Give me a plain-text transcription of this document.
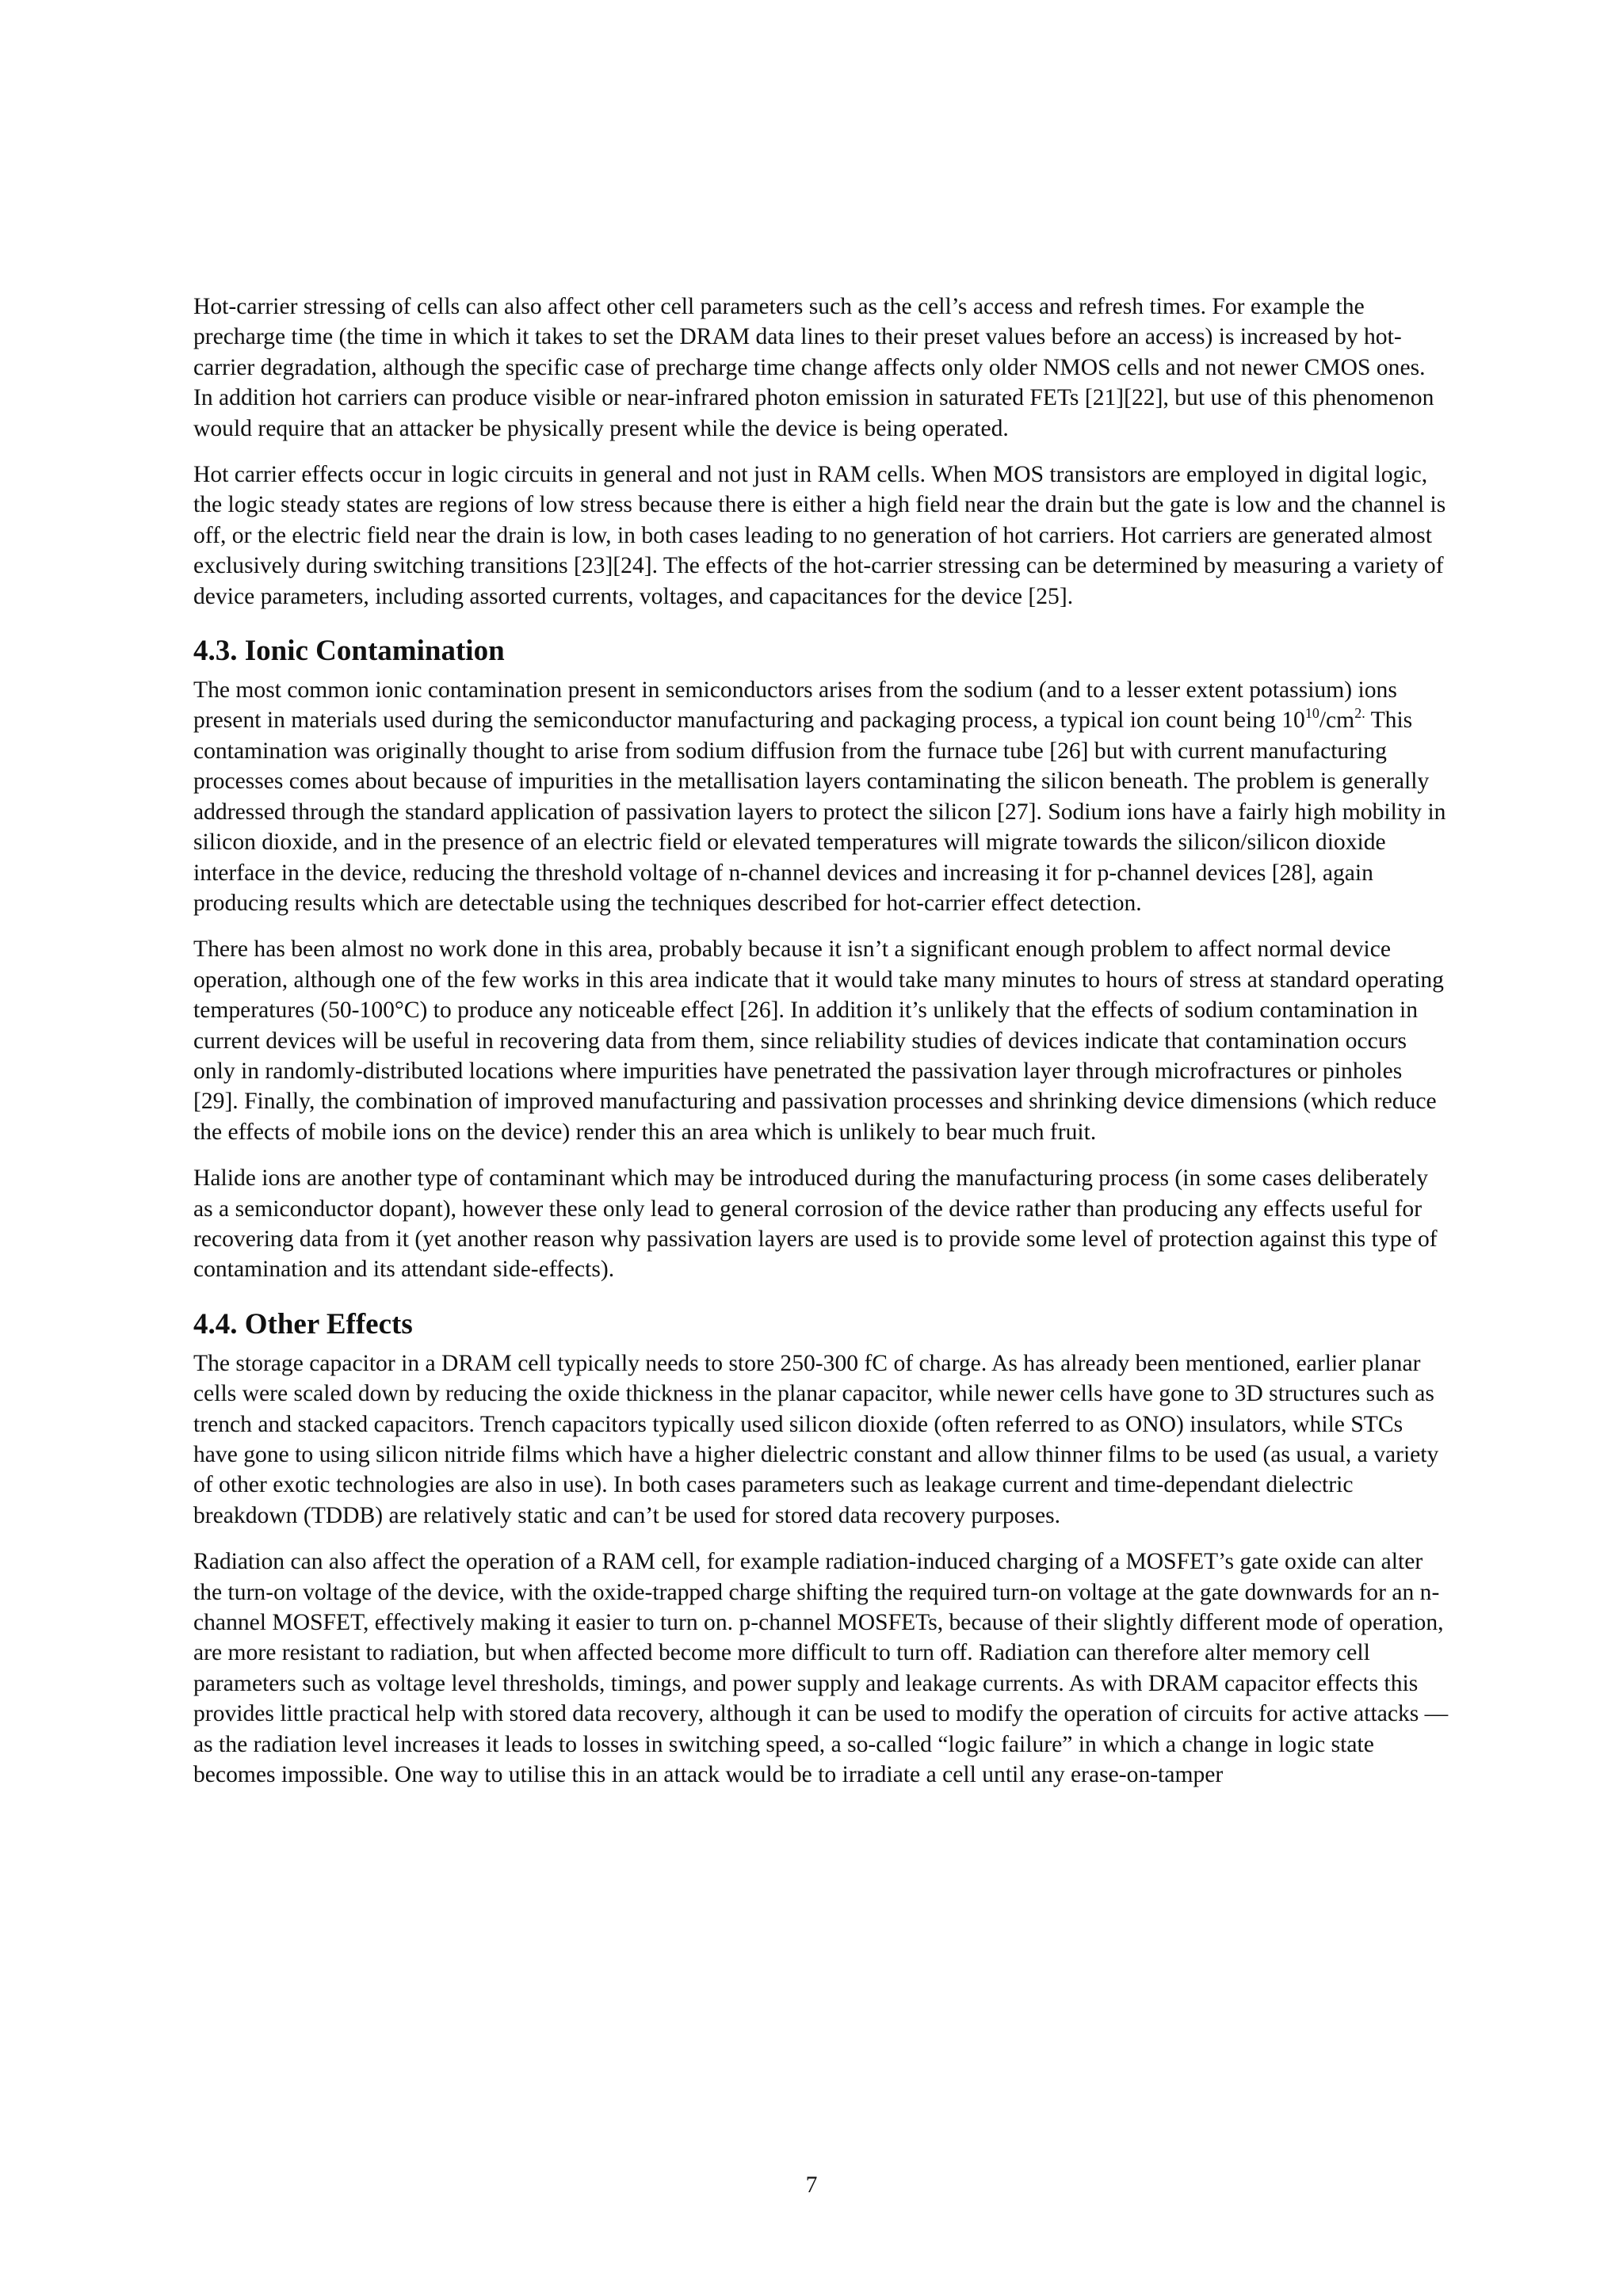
Hot-carrier stressing of cells can also affect other cell parameters such as the cell’s access and refresh times. For example the precharge time (the time in which it takes to set the DRAM data lines to their preset values before an access) is increased by hot-carrier degradation, although the specific case of precharge time change affects only older NMOS cells and not newer CMOS ones. In addition hot carriers can produce visible or near-infrared photon emission in saturated FETs [21][22], but use of this phenomenon would require that an attacker be physically present while the device is being operated.

Hot carrier effects occur in logic circuits in general and not just in RAM cells. When MOS transistors are employed in digital logic, the logic steady states are regions of low stress because there is either a high field near the drain but the gate is low and the channel is off, or the electric field near the drain is low, in both cases leading to no generation of hot carriers. Hot carriers are generated almost exclusively during switching transitions [23][24]. The effects of the hot-carrier stressing can be determined by measuring a variety of device parameters, including assorted currents, voltages, and capacitances for the device [25].

4.3. Ionic Contamination

The most common ionic contamination present in semiconductors arises from the sodium (and to a lesser extent potassium) ions present in materials used during the semiconductor manufacturing and packaging process, a typical ion count being $10^{10}/cm^{2.}$ This contamination was originally thought to arise from sodium diffusion from the furnace tube [26] but with current manufacturing processes comes about because of impurities in the metallisation layers contaminating the silicon beneath. The problem is generally addressed through the standard application of passivation layers to protect the silicon [27]. Sodium ions have a fairly high mobility in silicon dioxide, and in the presence of an electric field or elevated temperatures will migrate towards the silicon/silicon dioxide interface in the device, reducing the threshold voltage of n-channel devices and increasing it for p-channel devices [28], again producing results which are detectable using the techniques described for hot-carrier effect detection.

There has been almost no work done in this area, probably because it isn’t a significant enough problem to affect normal device operation, although one of the few works in this area indicate that it would take many minutes to hours of stress at standard operating temperatures (50-100°C) to produce any noticeable effect [26]. In addition it’s unlikely that the effects of sodium contamination in current devices will be useful in recovering data from them, since reliability studies of devices indicate that contamination occurs only in randomly-distributed locations where impurities have penetrated the passivation layer through microfractures or pinholes [29]. Finally, the combination of improved manufacturing and passivation processes and shrinking device dimensions (which reduce the effects of mobile ions on the device) render this an area which is unlikely to bear much fruit.

Halide ions are another type of contaminant which may be introduced during the manufacturing process (in some cases deliberately as a semiconductor dopant), however these only lead to general corrosion of the device rather than producing any effects useful for recovering data from it (yet another reason why passivation layers are used is to provide some level of protection against this type of contamination and its attendant side-effects).

4.4. Other Effects

The storage capacitor in a DRAM cell typically needs to store 250-300 fC of charge. As has already been mentioned, earlier planar cells were scaled down by reducing the oxide thickness in the planar capacitor, while newer cells have gone to 3D structures such as trench and stacked capacitors. Trench capacitors typically used silicon dioxide (often referred to as ONO) insulators, while STCs have gone to using silicon nitride films which have a higher dielectric constant and allow thinner films to be used (as usual, a variety of other exotic technologies are also in use). In both cases parameters such as leakage current and time-dependant dielectric breakdown (TDDB) are relatively static and can’t be used for stored data recovery purposes.

Radiation can also affect the operation of a RAM cell, for example radiation-induced charging of a MOSFET’s gate oxide can alter the turn-on voltage of the device, with the oxide-trapped charge shifting the required turn-on voltage at the gate downwards for an n-channel MOSFET, effectively making it easier to turn on. p-channel MOSFETs, because of their slightly different mode of operation, are more resistant to radiation, but when affected become more difficult to turn off. Radiation can therefore alter memory cell parameters such as voltage level thresholds, timings, and power supply and leakage currents. As with DRAM capacitor effects this provides little practical help with stored data recovery, although it can be used to modify the operation of circuits for active attacks — as the radiation level increases it leads to losses in switching speed, a so-called “logic failure” in which a change in logic state becomes impossible. One way to utilise this in an attack would be to irradiate a cell until any erase-on-tamper

7
